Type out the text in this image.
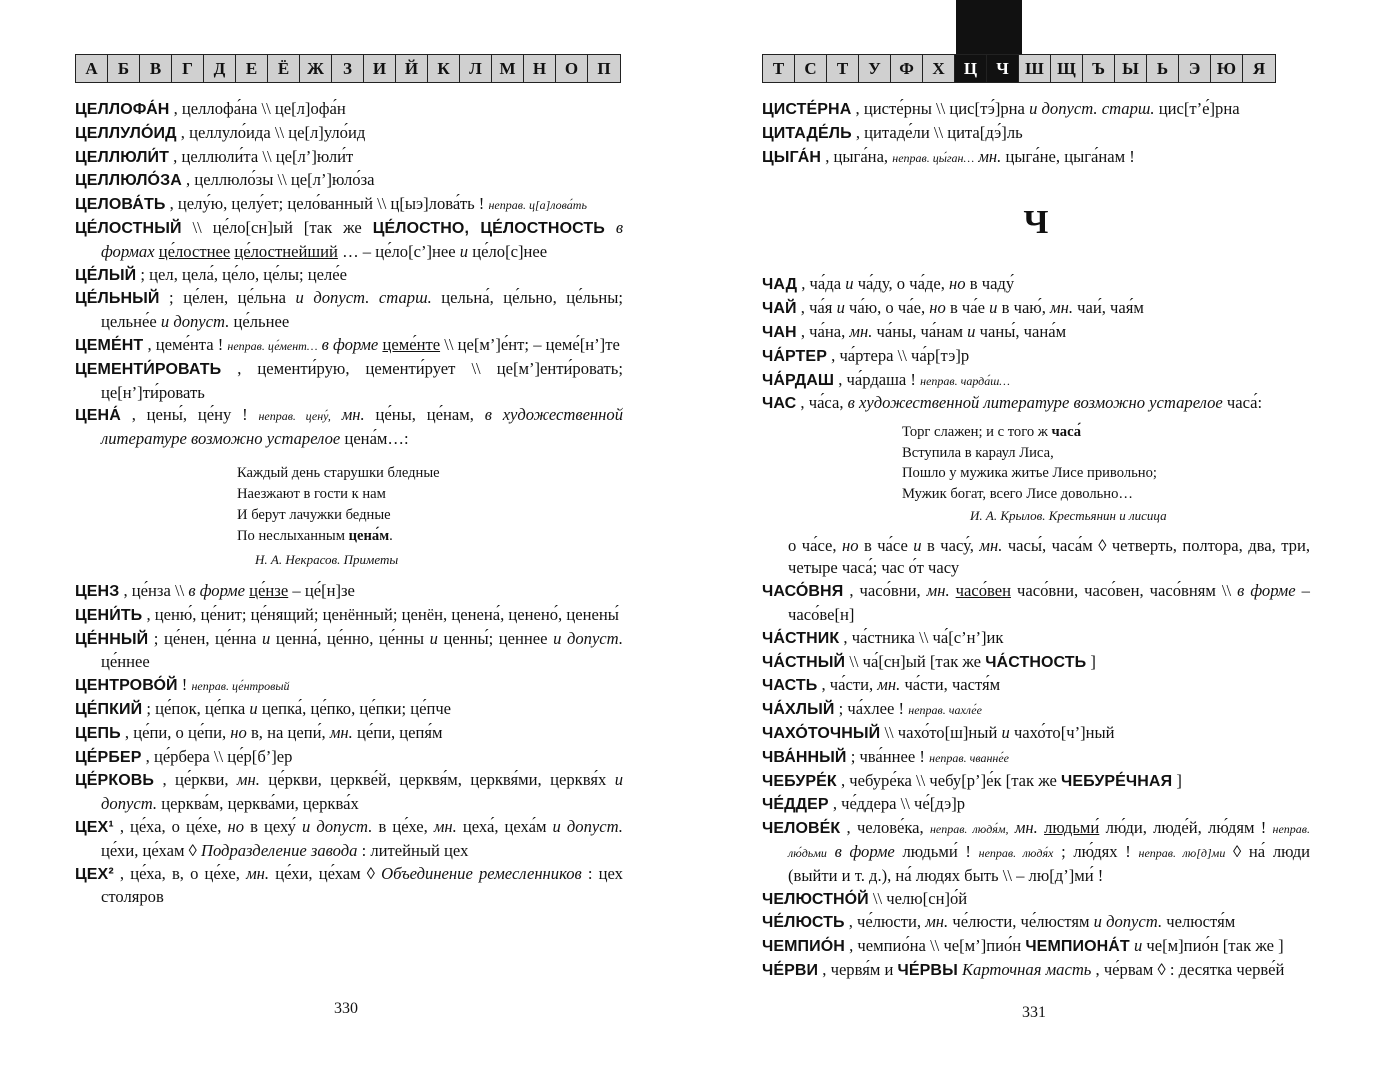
А	Б	В	Г	Д	Е	Ё	Ж	З	И	Й	К	Л	М	Н	О	П
ЦЕЛЛОФА́Н , целлофа́на \\ це[л]офа́н
ЦЕЛЛУЛО́ИД , целлуло́ида \\ це[л]уло́ид
ЦЕЛЛЮЛИ́Т , целлюли́та \\ це[л’]юли́т
ЦЕЛЛЮЛО́ЗА , целлюло́зы \\ це[л’]юло́за
ЦЕЛОВА́ТЬ , целу́ю, целу́ет; цело́ванный \\ ц[ыэ]лова́ть ! неправ. ц[а]лова́ть
ЦЕ́ЛОСТНЫЙ \\ це́ло[сн]ый [так же ЦЕ́ЛОСТНО, ЦЕ́ЛОСТНОСТЬ в формах це́лостнее це́лостнейший … – це́ло[с’]нее и це́ло[с]нее
ЦЕ́ЛЫЙ ; цел, цела́, це́ло, це́лы; целе́е
ЦЕ́ЛЬНЫЙ ; це́лен, це́льна и допуст. старш. цельна́, це́льно, це́льны; цельне́е и допуст. це́льнее
ЦЕМЕ́НТ , цеме́нта ! неправ. це́мент… в форме цеме́нте \\ це[м’]е́нт; – цеме́[н’]те
ЦЕМЕНТИ́РОВАТЬ , цементи́рую, цементи́рует \\ це[м’]енти́ровать; це[н’]ти́ровать
ЦЕНА́ , цены́, це́ну ! неправ. цену́, мн. це́ны, це́нам, в художественной литературе возможно устарелое цена́м…:
Каждый день старушки бледные
Наезжают в гости к нам
И берут лачужки бедные
По неслыханным цена́м.
Н. А. Некрасов. Приметы
ЦЕНЗ , це́нза \\ в форме це́нзе – це́[н]зе
ЦЕНИ́ТЬ , ценю́, це́нит; це́нящий; ценённый; ценён, ценена́, ценено́, ценены́
ЦЕ́ННЫЙ ; це́нен, це́нна и ценна́, це́нно, це́нны и ценны́; ценнее и допуст. це́ннее
ЦЕНТРОВО́Й ! неправ. це́нтровый
ЦЕ́ПКИЙ ; це́пок, це́пка и цепка́, це́пко, це́пки; це́пче
ЦЕПЬ , це́пи, о це́пи, но в, на цепи́, мн. це́пи, цепя́м
ЦЕ́РБЕР , це́рбера \\ це́р[б’]ер
ЦЕ́РКОВЬ , це́ркви, мн. це́ркви, церкве́й, церквя́м, церквя́ми, церквя́х и допуст. церква́м, церква́ми, церква́х
ЦЕХ¹ , це́ха, о це́хе, но в цеху́ и допуст. в це́хе, мн. цеха́, цеха́м и допуст. це́хи, це́хам ◊ Подразделение завода : литейный цех
ЦЕХ² , це́ха, в, о це́хе, мн. це́хи, це́хам ◊ Объединение ремесленников : цех столяров
330
Т	С	Т	У	Ф	Х	Ц	Ч Ш Щ Ъ	Ы	Ь	Э Ю Я
ЦИСТЕ́РНА , цисте́рны \\ цис[тэ́]рна и допуст. старш. цис[т’е́]рна
ЦИТАДЕ́ЛЬ , цитаде́ли \\ цита[дэ́]ль
ЦЫГА́Н , цыга́на, неправ. цы́ган… мн. цыга́не, цыга́нам !
Ч
ЧАД , ча́да и ча́ду, о ча́де, но в чаду́
ЧАЙ , ча́я и ча́ю, о ча́е, но в ча́е и в чаю́, мн. чаи́, чая́м
ЧАН , ча́на, мн. ча́ны, ча́нам и чаны́, чана́м
ЧА́РТЕР , ча́ртера \\ ча́р[тэ]р
ЧА́РДАШ , ча́рдаша ! неправ. чарда́ш…
ЧАС , ча́са, в художественной литературе возможно устарелое часа́:
Торг слажен; и с того ж часа́
Вступила в караул Лиса,
Пошло у мужика житье Лисе привольно;
Мужик богат, всего Лисе довольно…
И. А. Крылов. Крестьянин и лисица
о ча́се, но в ча́се и в часу́, мн. часы́, часа́м ◊ четверть, полтора, два, три, четыре часа́; час о́т часу
ЧАСО́ВНЯ , часо́вни, мн. часо́вен часо́вни, часо́вен, часо́вням \\ в форме – часо́ве[н]
ЧА́СТНИК , ча́стника \\ ча́[с’н’]ик
ЧА́СТНЫЙ \\ ча́[сн]ый [так же ЧА́СТНОСТЬ ]
ЧАСТЬ , ча́сти, мн. ча́сти, частя́м
ЧА́ХЛЫЙ ; ча́хлее ! неправ. чахле́е
ЧАХО́ТОЧНЫЙ \\ чахо́то[ш]ный и чахо́то[ч’]ный
ЧВА́ННЫЙ ; чва́ннее ! неправ. чванне́е
ЧЕБУРЕ́К , чебуре́ка \\ чебу[р’]е́к [так же ЧЕБУРЕ́ЧНАЯ ]
ЧЕ́ДДЕР , че́ддера \\ че́[дэ]р
ЧЕЛОВЕ́К , челове́ка, неправ. людя́м, мн. людьми́ лю́ди, люде́й, лю́дям ! неправ. лю́дьми в форме людьми́ ! неправ. людя́х ; лю́дях ! неправ. лю[д]ми ◊ на́ люди (выйти и т. д.), на́ людях быть \\ – лю[д’]ми́ !
ЧЕЛЮСТНО́Й \\ челю[сн]о́й
ЧЕ́ЛЮСТЬ , че́люсти, мн. че́люсти, че́люстям и допуст. челюстя́м
ЧЕМПИО́Н , чемпио́на \\ че[м’]пио́н ЧЕМПИОНА́Т и че[м]пио́н [так же ]
ЧЕ́РВИ , червя́м и ЧЕ́РВЫ Карточная масть , че́рвам ◊ : десятка черве́й
331
